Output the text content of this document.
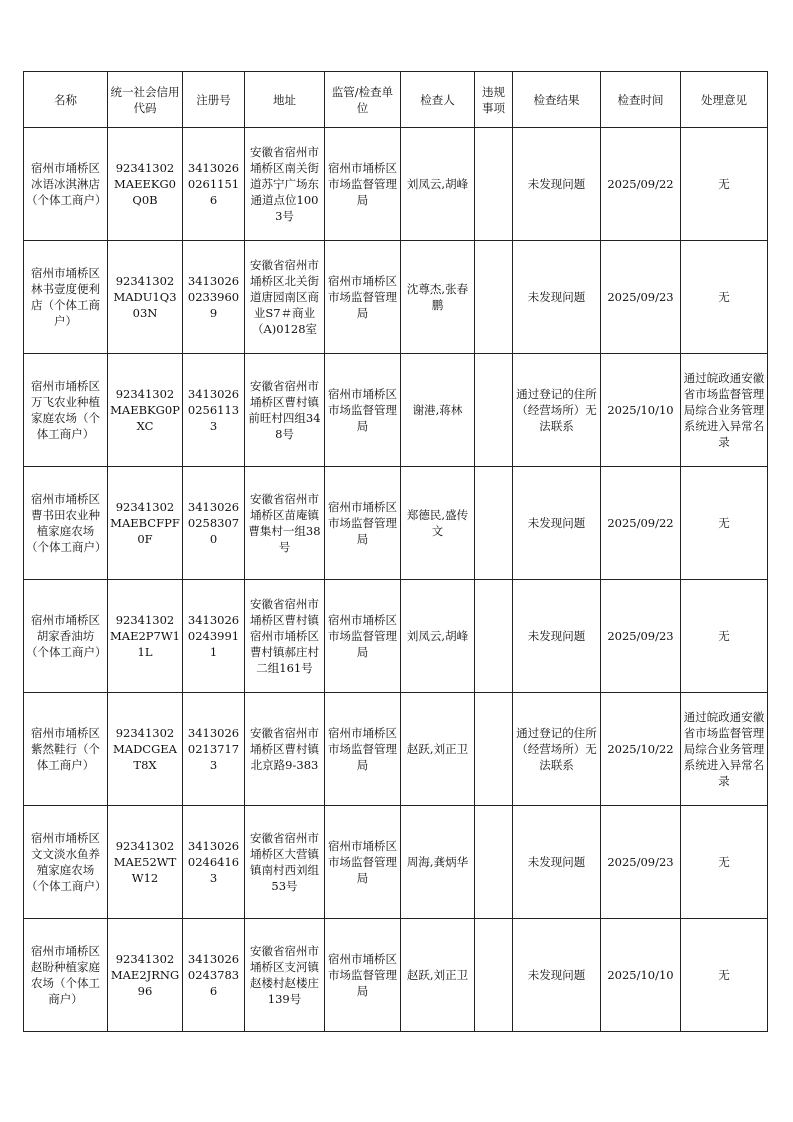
名称	统一社会信用代码	注册号	地址	监管/检查单位	检查人	违规事项	检查结果	检查时间	处理意见
宿州市埇桥区冰语冰淇淋店（个体工商户）	92341302MAEEKG0Q0B	341302602611516	安徽省宿州市埇桥区南关街道苏宁广场东通道点位1003号	宿州市埇桥区市场监督管理局	刘凤云,胡峰		未发现问题	2025/09/22	无
宿州市埇桥区林书壹度便利店（个体工商户）	92341302MADU1Q303N	341302602339609	安徽省宿州市埇桥区北关街道唐园南区商业S7＃商业（A)0128室	宿州市埇桥区市场监督管理局	沈尊杰,张春鹏		未发现问题	2025/09/23	无
宿州市埇桥区万飞农业种植家庭农场（个体工商户）	92341302MAEBKG0PXC	341302602561133	安徽省宿州市埇桥区曹村镇前旺村四组348号	宿州市埇桥区市场监督管理局	谢港,蒋林		通过登记的住所（经营场所）无法联系	2025/10/10	通过皖政通安徽省市场监督管理局综合业务管理系统进入异常名录
宿州市埇桥区曹书田农业种植家庭农场（个体工商户）	92341302MAEBCFPF0F	341302602583070	安徽省宿州市埇桥区苗庵镇曹集村一组38号	宿州市埇桥区市场监督管理局	郑德民,盛传文		未发现问题	2025/09/22	无
宿州市埇桥区胡家香油坊（个体工商户）	92341302MAE2P7W11L	341302602439911	安徽省宿州市埇桥区曹村镇宿州市埇桥区曹村镇郝庄村二组161号	宿州市埇桥区市场监督管理局	刘凤云,胡峰		未发现问题	2025/09/23	无
宿州市埇桥区紫然鞋行（个体工商户）	92341302MADCGEAT8X	341302602137173	安徽省宿州市埇桥区曹村镇北京路9-383	宿州市埇桥区市场监督管理局	赵跃,刘正卫		通过登记的住所（经营场所）无法联系	2025/10/22	通过皖政通安徽省市场监督管理局综合业务管理系统进入异常名录
宿州市埇桥区文文淡水鱼养殖家庭农场（个体工商户）	92341302MAE52WTW12	341302602464163	安徽省宿州市埇桥区大营镇镇南村西刘组53号	宿州市埇桥区市场监督管理局	周海,龚炳华		未发现问题	2025/09/23	无
宿州市埇桥区赵盼种植家庭农场（个体工商户）	92341302MAE2JRNG96	341302602437836	安徽省宿州市埇桥区支河镇赵楼村赵楼庄139号	宿州市埇桥区市场监督管理局	赵跃,刘正卫		未发现问题	2025/10/10	无
